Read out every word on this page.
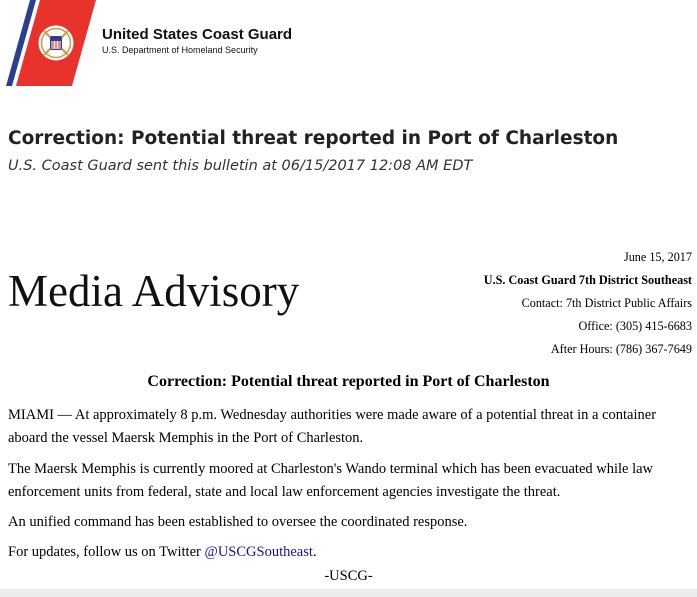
United States Coast Guard
U.S. Department of Homeland Security
Correction: Potential threat reported in Port of Charleston
U.S. Coast Guard sent this bulletin at 06/15/2017 12:08 AM EDT
Media Advisory
June 15, 2017
U.S. Coast Guard 7th District Southeast
Contact: 7th District Public Affairs
Office: (305) 415-6683
After Hours: (786) 367-7649
Correction: Potential threat reported in Port of Charleston

MIAMI — At approximately 8 p.m. Wednesday authorities were made aware of a potential threat in a container aboard the vessel Maersk Memphis in the Port of Charleston.

The Maersk Memphis is currently moored at Charleston's Wando terminal which has been evacuated while law enforcement units from federal, state and local law enforcement agencies investigate the threat.

An unified command has been established to oversee the coordinated response.

For updates, follow us on Twitter @USCGSoutheast.

-USCG-
